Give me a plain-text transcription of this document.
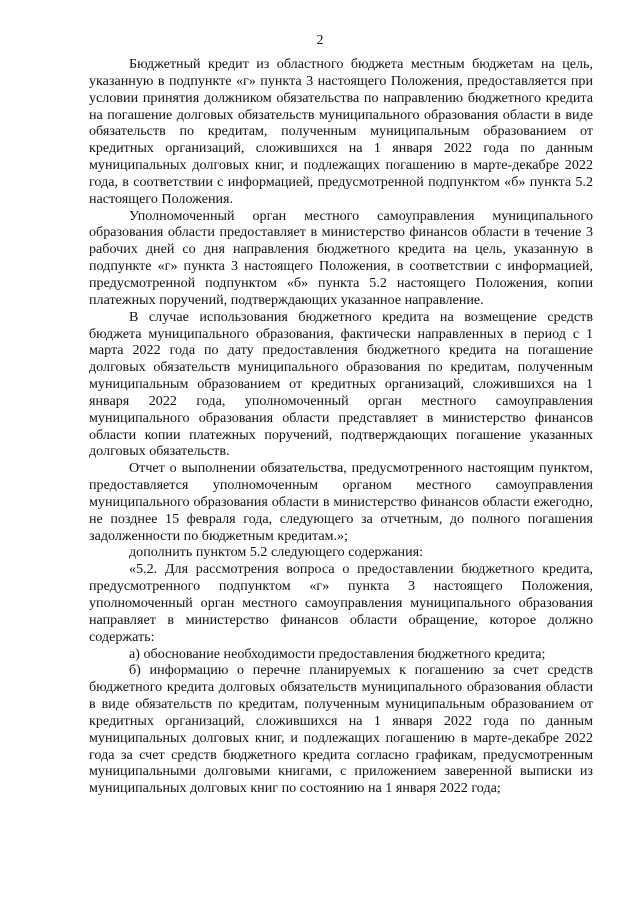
2

Бюджетный кредит из областного бюджета местным бюджетам на цель, указанную в подпункте «г» пункта 3 настоящего Положения, предоставляется при условии принятия должником обязательства по направлению бюджетного кредита на погашение долговых обязательств муниципального образования области в виде обязательств по кредитам, полученным муниципальным образованием от кредитных организаций, сложившихся на 1 января 2022 года по данным муниципальных долговых книг, и подлежащих погашению в марте-декабре 2022 года, в соответствии с информацией, предусмотренной подпунктом «б» пункта 5.2 настоящего Положения.

Уполномоченный орган местного самоуправления муниципального образования области предоставляет в министерство финансов области в течение 3 рабочих дней со дня направления бюджетного кредита на цель, указанную в подпункте «г» пункта 3 настоящего Положения, в соответствии с информацией, предусмотренной подпунктом «б» пункта 5.2 настоящего Положения, копии платежных поручений, подтверждающих указанное направление.

В случае использования бюджетного кредита на возмещение средств бюджета муниципального образования, фактически направленных в период с 1 марта 2022 года по дату предоставления бюджетного кредита на погашение долговых обязательств муниципального образования по кредитам, полученным муниципальным образованием от кредитных организаций, сложившихся на 1 января 2022 года, уполномоченный орган местного самоуправления муниципального образования области представляет в министерство финансов области копии платежных поручений, подтверждающих погашение указанных долговых обязательств.

Отчет о выполнении обязательства, предусмотренного настоящим пунктом, предоставляется уполномоченным органом местного самоуправления муниципального образования области в министерство финансов области ежегодно, не позднее 15 февраля года, следующего за отчетным, до полного погашения задолженности по бюджетным кредитам.»;

дополнить пунктом 5.2 следующего содержания:

«5.2. Для рассмотрения вопроса о предоставлении бюджетного кредита, предусмотренного подпунктом «г» пункта 3 настоящего Положения, уполномоченный орган местного самоуправления муниципального образования направляет в министерство финансов области обращение, которое должно содержать:

а) обоснование необходимости предоставления бюджетного кредита;

б) информацию о перечне планируемых к погашению за счет средств бюджетного кредита долговых обязательств муниципального образования области в виде обязательств по кредитам, полученным муниципальным образованием от кредитных организаций, сложившихся на 1 января 2022 года по данным муниципальных долговых книг, и подлежащих погашению в марте-декабре 2022 года за счет средств бюджетного кредита согласно графикам, предусмотренным муниципальными долговыми книгами, с приложением заверенной выписки из муниципальных долговых книг по состоянию на 1 января 2022 года;
